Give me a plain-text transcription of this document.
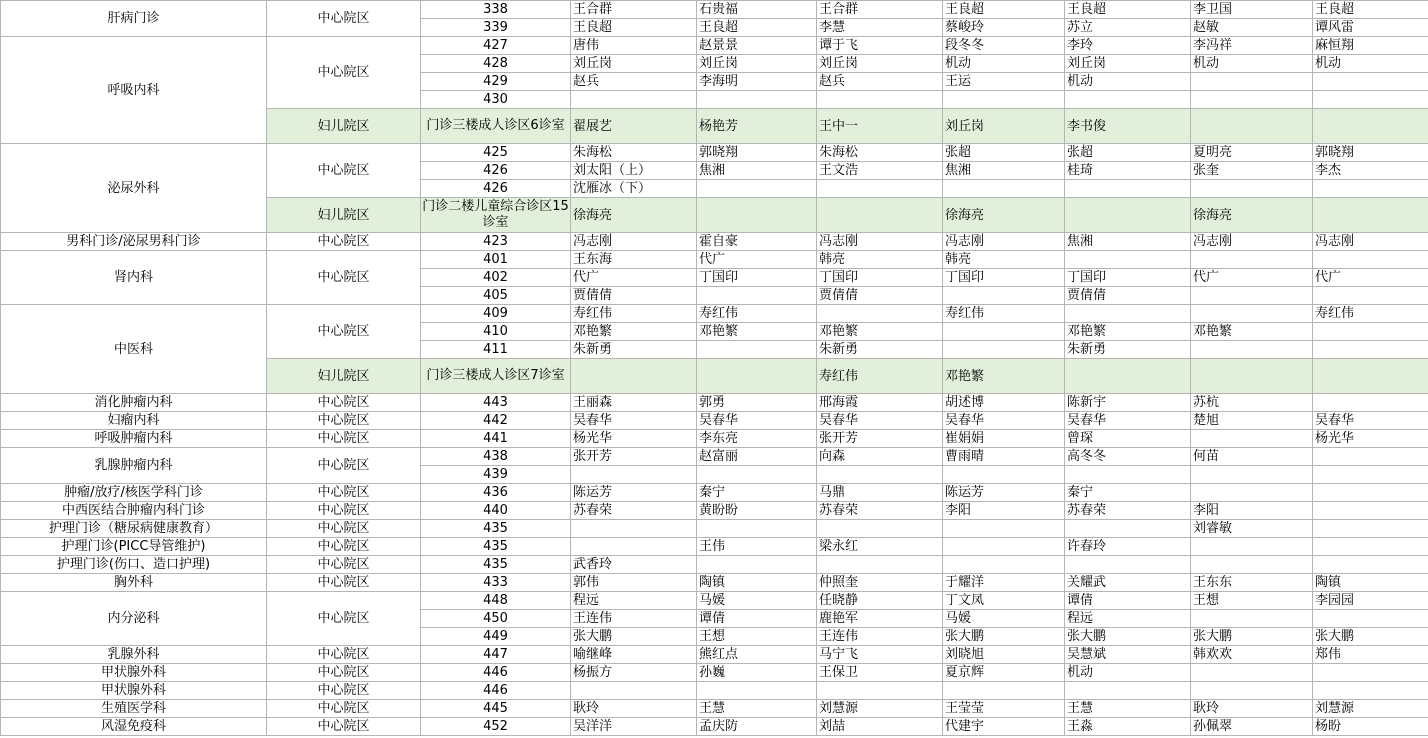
肝病门诊	中心院区	338	王合群	石贵福	王合群	王良超	王良超	李卫国	王良超
		339	王良超	王良超	李慧	蔡峻玲	苏立	赵敏	谭风雷
呼吸内科	中心院区	427	唐伟	赵景景	谭于飞	段冬冬	李玲	李冯祥	麻恒翔
		428	刘丘岗	刘丘岗	刘丘岗	机动	刘丘岗	机动	机动
		429	赵兵	李海明	赵兵	王运	机动		
		430							
	妇儿院区	门诊三楼成人诊区6诊室	翟展艺	杨艳芳	王中一	刘丘岗	李书俊		
泌尿外科	中心院区	425	朱海松	郭晓翔	朱海松	张超	张超	夏明亮	郭晓翔
		426	刘太阳（上）	焦湘	王文浩	焦湘	桂琦	张奎	李杰
		426	沈雁冰（下）						
	妇儿院区	门诊二楼儿童综合诊区15诊室	徐海亮			徐海亮		徐海亮	
男科门诊/泌尿男科门诊	中心院区	423	冯志刚	霍自豪	冯志刚	冯志刚	焦湘	冯志刚	冯志刚
肾内科	中心院区	401	王东海	代广	韩亮	韩亮			
		402	代广	丁国印	丁国印	丁国印	丁国印	代广	代广
		405	贾倩倩		贾倩倩		贾倩倩		
中医科	中心院区	409	寿红伟	寿红伟		寿红伟			寿红伟
		410	邓艳繁	邓艳繁	邓艳繁		邓艳繁	邓艳繁	
		411	朱新勇		朱新勇		朱新勇		
	妇儿院区	门诊三楼成人诊区7诊室			寿红伟	邓艳繁			
消化肿瘤内科	中心院区	443	王丽森	郭勇	邢海霞	胡述博	陈新宇	苏杭	
妇瘤内科	中心院区	442	吴春华	吴春华	吴春华	吴春华	吴春华	楚旭	吴春华
呼吸肿瘤内科	中心院区	441	杨光华	李东亮	张开芳	崔娟娟	曾琛		杨光华
乳腺肿瘤内科	中心院区	438	张开芳	赵富丽	向森	曹雨晴	高冬冬	何苗	
		439							
肿瘤/放疗/核医学科门诊	中心院区	436	陈运芳	秦宁	马鼎	陈运芳	秦宁		
中西医结合肿瘤内科门诊	中心院区	440	苏春荣	黄盼盼	苏春荣	李阳	苏春荣	李阳	
护理门诊（糖尿病健康教育）	中心院区	435						刘睿敏	
护理门诊(PICC导管维护)	中心院区	435		王伟	梁永红		许春玲		
护理门诊(伤口、造口护理)	中心院区	435	武香玲						
胸外科	中心院区	433	郭伟	陶镇	仲照奎	于耀洋	关耀武	王东东	陶镇
内分泌科	中心院区	448	程远	马媛	任晓静	丁文凤	谭倩	王想	李园园
		450	王连伟	谭倩	鹿艳军	马媛	程远		
		449	张大鹏	王想	王连伟	张大鹏	张大鹏	张大鹏	张大鹏
乳腺外科	中心院区	447	喻继峰	熊红点	马宁飞	刘晓旭	吴慧斌	韩欢欢	郑伟
甲状腺外科	中心院区	446	杨振方	孙巍	王保卫	夏京辉	机动		
甲状腺外科	中心院区	446							
生殖医学科	中心院区	445	耿玲	王慧	刘慧源	王莹莹	王慧	耿玲	刘慧源
风湿免疫科	中心院区	452	吴洋洋	孟庆防	刘喆	代建宇	王淼	孙佩翠	杨盼
